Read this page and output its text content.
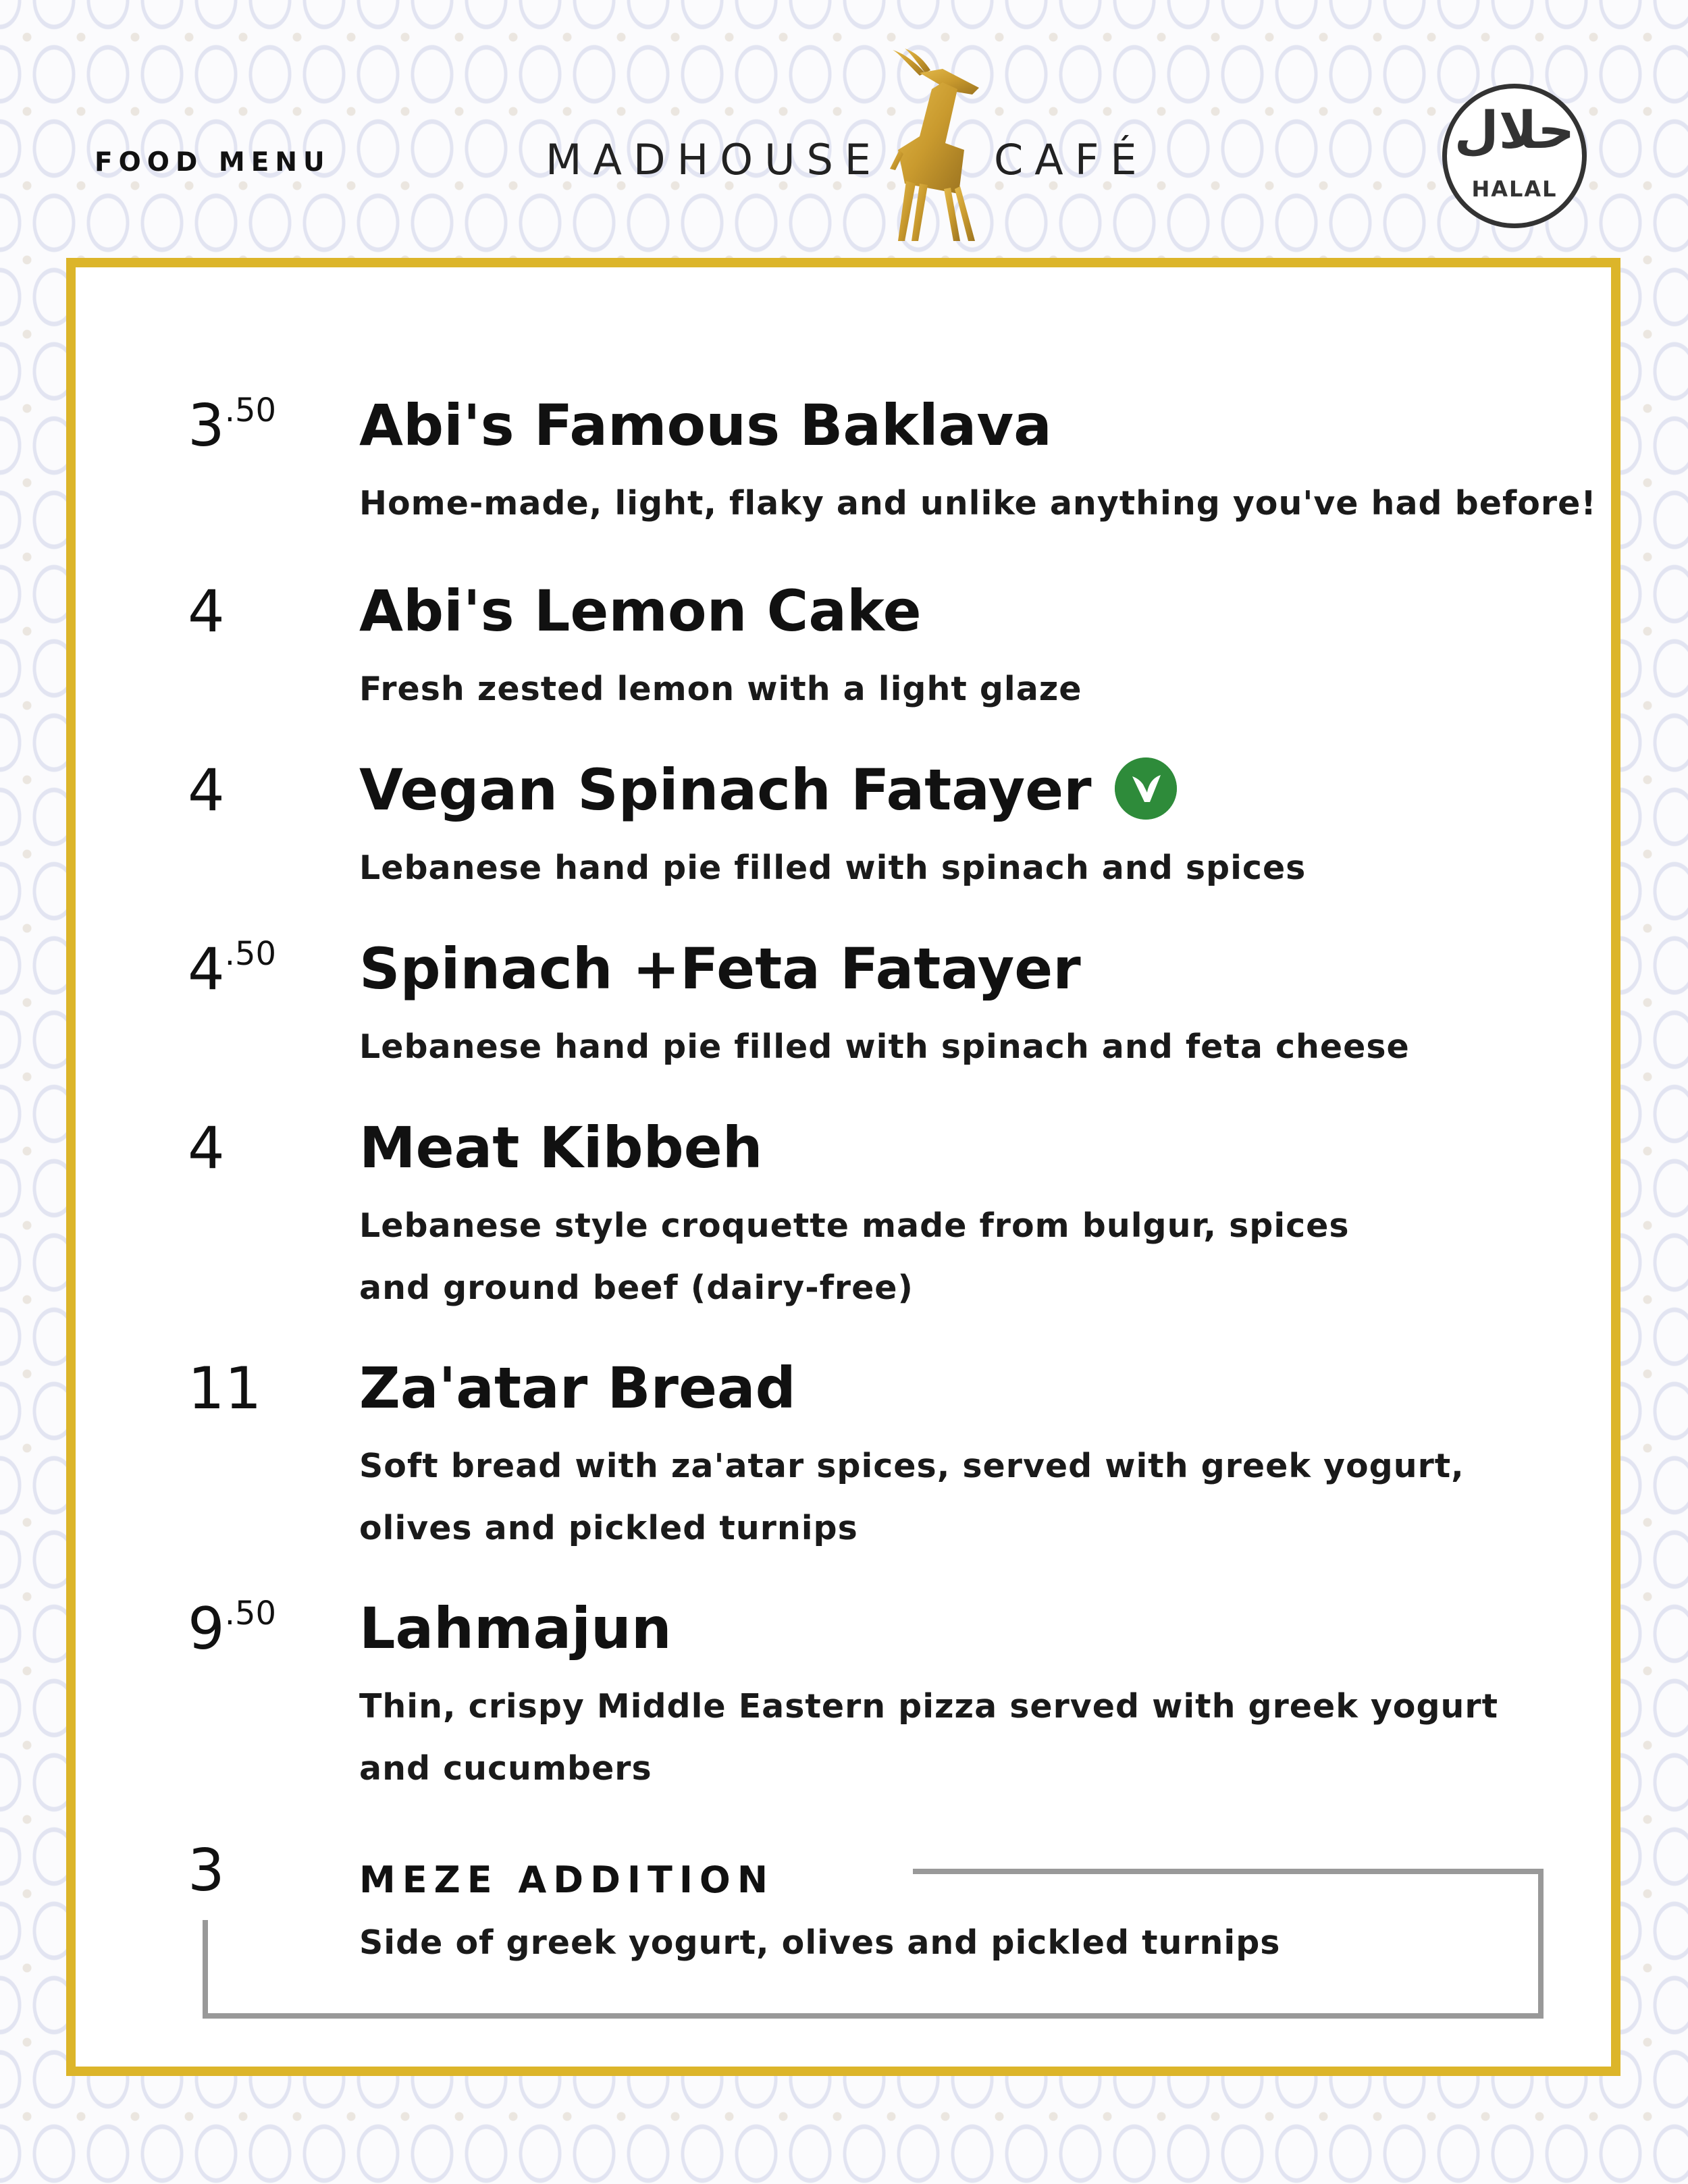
FOOD MENU	MADHOUSE	CAFÉ	حلال
HALAL
$3^{.50}$ Abi's Famous Baklava
Home-made, light, flaky and unlike anything you've had before!
4 Abi's Lemon Cake
Fresh zested lemon with a light glaze
4 Vegan Spinach Fatayer
Lebanese hand pie filled with spinach and spices
$4^{.50}$ Spinach +Feta Fatayer
Lebanese hand pie filled with spinach and feta cheese
4 Meat Kibbeh
Lebanese style croquette made from bulgur, spices
and ground beef (dairy-free)
11 Za'atar Bread
Soft bread with za'atar spices, served with greek yogurt,
olives and pickled turnips
$9^{.50}$ Lahmajun
Thin, crispy Middle Eastern pizza served with greek yogurt
and cucumbers
3	MEZE ADDITION
Side of greek yogurt, olives and pickled turnips
